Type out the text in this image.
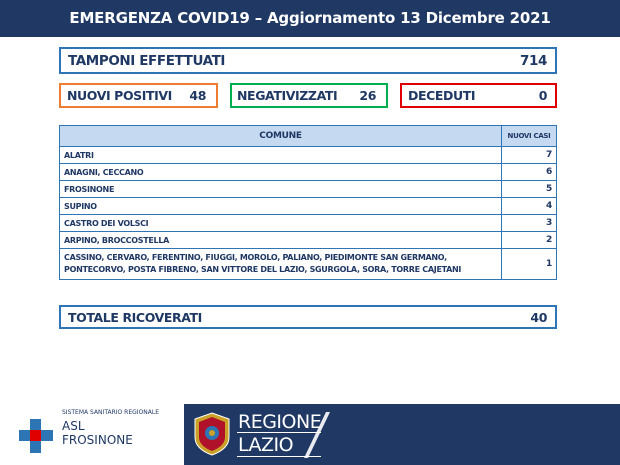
EMERGENZA COVID19 – Aggiornamento 13 Dicembre 2021
TAMPONI EFFETTUATI	714
NUOVI POSITIVI 48 NEGATIVIZZATI 26	DECEDUTI	0
COMUNE	NUOVI CASI
ALATRI	7
ANAGNI, CECCANO	6
FROSINONE	5
SUPINO	4
CASTRO DEI VOLSCI	3
ARPINO, BROCCOSTELLA	2

CASSINO, CERVARO, FERENTINO, FIUGGI, MOROLO, PALIANO, PIEDIMONTE SAN GERMANO,
PONTECORVO, POSTA FIBRENO, SAN VITTORE DEL LAZIO, SGURGOLA, SORA, TORRE CAJETANI	1
TOTALE RICOVERATI	40
SISTEMA SANITARIO REGIONALE
ASL
FROSINONE
REGIONE
LAZIO
